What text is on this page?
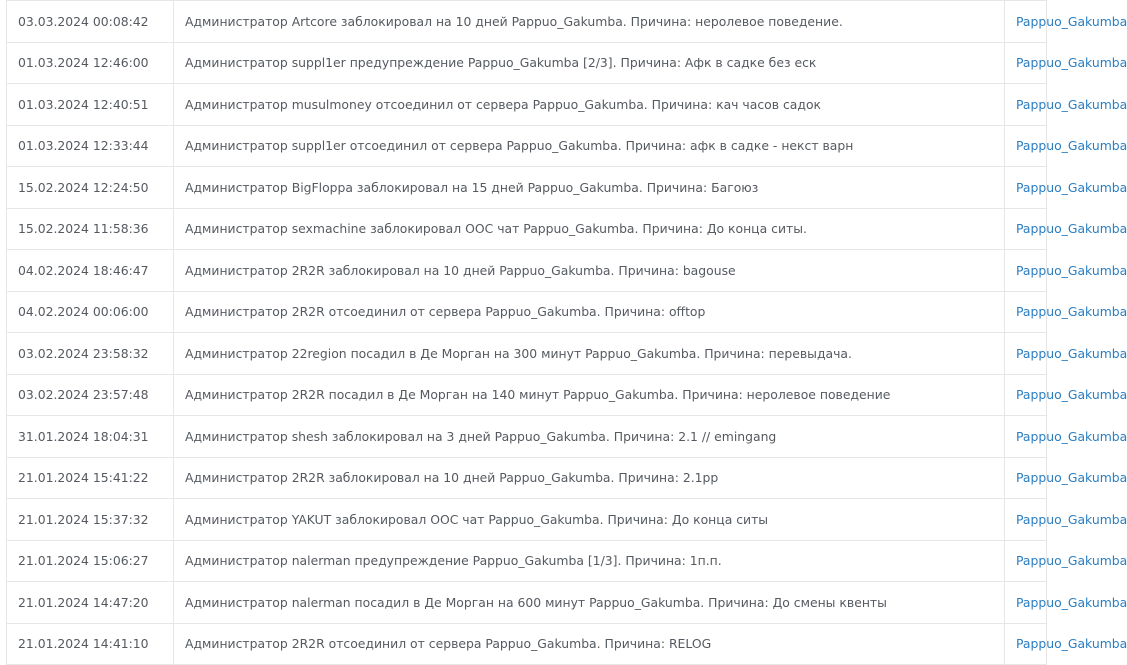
03.03.2024 00:08:42	Администратор Artcore заблокировал на 10 дней Pappuo_Gakumba. Причина: неролевое поведение.	Pappuo_Gakumba
01.03.2024 12:46:00	Администратор suppl1er предупреждение Pappuo_Gakumba [2/3]. Причина: Афк в садке без еск	Pappuo_Gakumba
01.03.2024 12:40:51	Администратор musulmoney отсоединил от сервера Pappuo_Gakumba. Причина: кач часов садок	Pappuo_Gakumba
01.03.2024 12:33:44	Администратор suppl1er отсоединил от сервера Pappuo_Gakumba. Причина: афк в садке - некст варн	Pappuo_Gakumba
15.02.2024 12:24:50	Администратор BigFloppa заблокировал на 15 дней Pappuo_Gakumba. Причина: Багоюз	Pappuo_Gakumba
15.02.2024 11:58:36	Администратор sexmachine заблокировал ООС чат Pappuo_Gakumba. Причина: До конца ситы.	Pappuo_Gakumba
04.02.2024 18:46:47	Администратор 2R2R заблокировал на 10 дней Pappuo_Gakumba. Причина: bagouse	Pappuo_Gakumba
04.02.2024 00:06:00	Администратор 2R2R отсоединил от сервера Pappuo_Gakumba. Причина: offtop	Pappuo_Gakumba
03.02.2024 23:58:32	Администратор 22region посадил в Де Морган на 300 минут Pappuo_Gakumba. Причина: перевыдача.	Pappuo_Gakumba
03.02.2024 23:57:48	Администратор 2R2R посадил в Де Морган на 140 минут Pappuo_Gakumba. Причина: неролевое поведение	Pappuo_Gakumba
31.01.2024 18:04:31	Администратор shesh заблокировал на 3 дней Pappuo_Gakumba. Причина: 2.1 // emingang	Pappuo_Gakumba
21.01.2024 15:41:22	Администратор 2R2R заблокировал на 10 дней Pappuo_Gakumba. Причина: 2.1pp	Pappuo_Gakumba
21.01.2024 15:37:32	Администратор YAKUT заблокировал ООС чат Pappuo_Gakumba. Причина: До конца ситы	Pappuo_Gakumba
21.01.2024 15:06:27	Администратор nalerman предупреждение Pappuo_Gakumba [1/3]. Причина: 1п.п.	Pappuo_Gakumba
21.01.2024 14:47:20	Администратор nalerman посадил в Де Морган на 600 минут Pappuo_Gakumba. Причина: До смены квенты	Pappuo_Gakumba
21.01.2024 14:41:10	Администратор 2R2R отсоединил от сервера Pappuo_Gakumba. Причина: RELOG	Pappuo_Gakumba
